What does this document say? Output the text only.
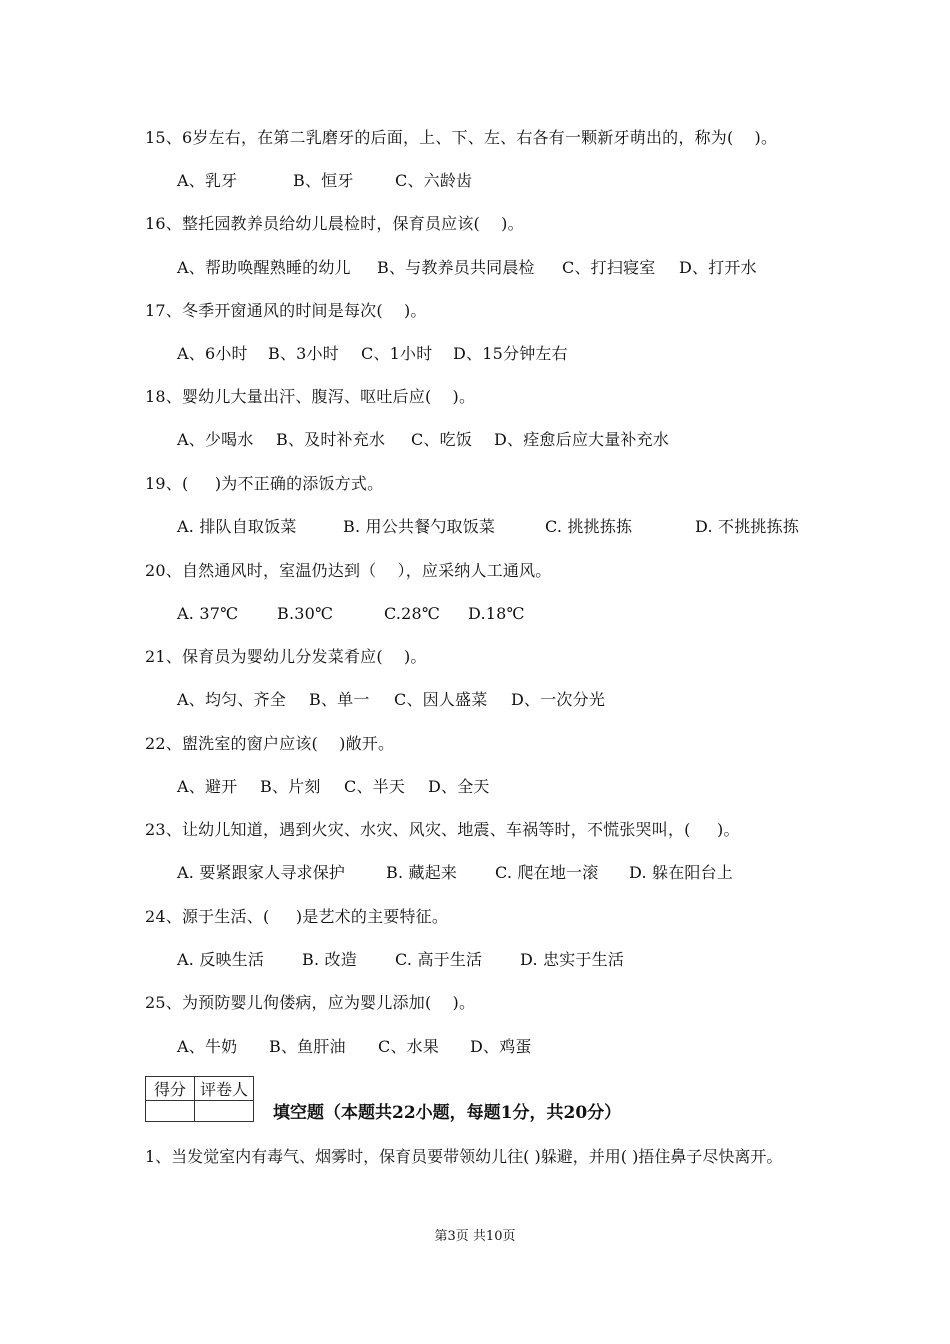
15、6岁左右，在第二乳磨牙的后面，上、下、左、右各有一颗新牙萌出的，称为(    )。

A、乳牙

	B、恒牙

	C、六龄齿

16、整托园教养员给幼儿晨检时，保育员应该(    )。

A、帮助唤醒熟睡的幼儿

B、与教养员共同晨检

C、打扫寝室

D、打开水

17、冬季开窗通风的时间是每次(    )。

A、6小时

B、3小时

C、1小时

D、15分钟左右

18、婴幼儿大量出汗、腹泻、呕吐后应(    )。

A、少喝水

B、及时补充水

C、吃饭

D、痊愈后应大量补充水

19、(     )为不正确的添饭方式。

A. 排队自取饭菜

	B. 用公共餐勺取饭菜

	C. 挑挑拣拣

	D. 不挑挑拣拣

20、自然通风时，室温仍达到（    ），应采纳人工通风。

A. 37℃

B.30℃

	C.28℃

D.18℃

21、保育员为婴幼儿分发菜肴应(    )。

A、均匀、齐全

B、单一

C、因人盛菜

D、一次分光

22、盥洗室的窗户应该(    )敞开。

A、避开

B、片刻

C、半天

D、全天

23、让幼儿知道，遇到火灾、水灾、风灾、地震、车祸等时，不慌张哭叫，(     )。

A. 要紧跟家人寻求保护

	B. 藏起来

C. 爬在地一滚

D. 躲在阳台上

24、源于生活、(     )是艺术的主要特征。

A. 反映生活

B. 改造

C. 高于生活

D. 忠实于生活

25、为预防婴儿佝偻病，应为婴儿添加(    )。

A、牛奶

B、鱼肝油

C、水果

D、鸡蛋

得分	评卷人

填空题（本题共22小题，每题1分，共20分）
1、当发觉室内有毒气、烟雾时，保育员要带领幼儿往( )躲避，并用( )捂住鼻子尽快离开。
第3页 共10页
